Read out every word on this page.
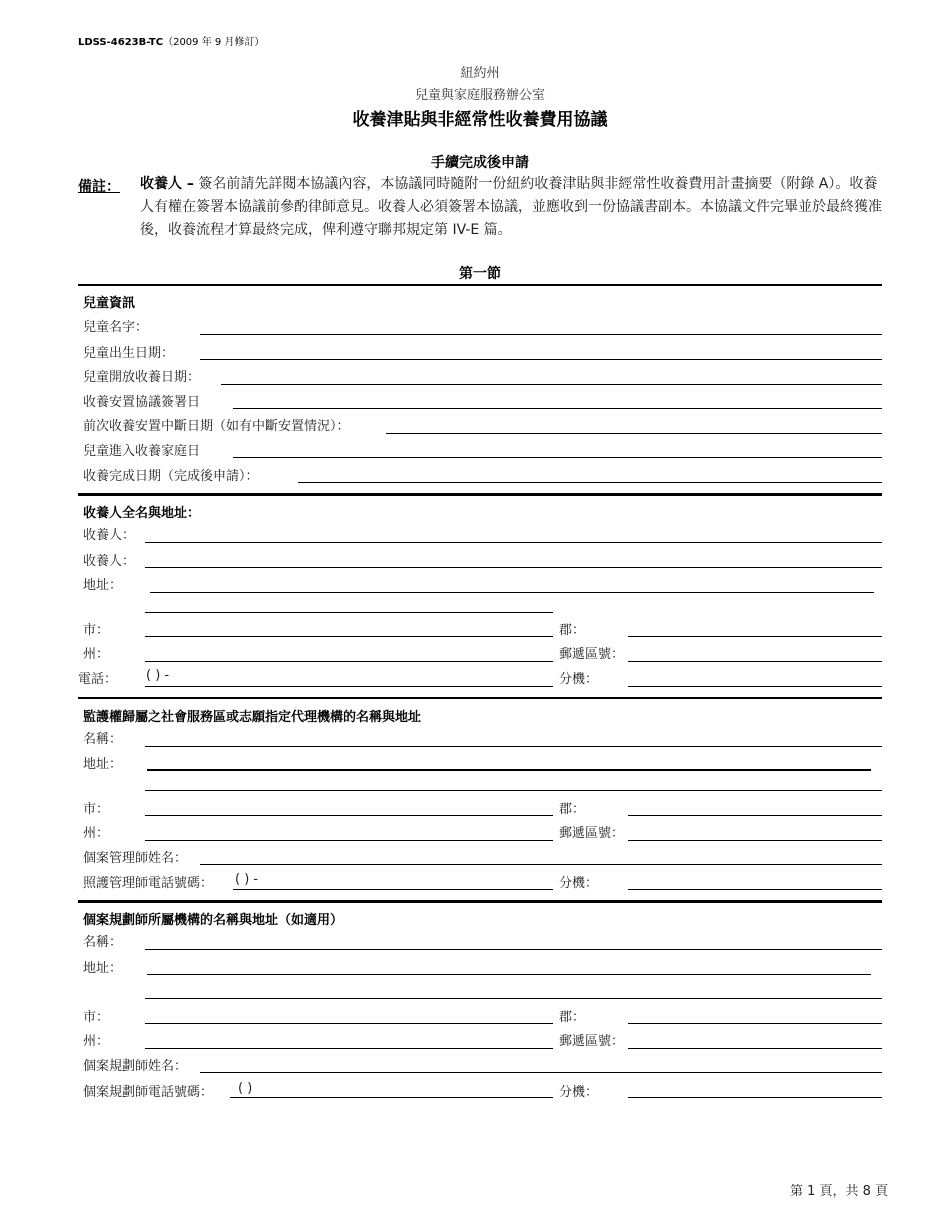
LDSS-4623B-TC（2009 年 9 月修訂）
紐約州
兒童與家庭服務辦公室
收養津貼與非經常性收養費用協議
手續完成後申請
備註： 收養人 – 簽名前請先詳閱本協議內容，本協議同時隨附一份紐約收養津貼與非經常性收養費用計畫摘要（附錄 A）。收養人有權在簽署本協議前參酌律師意見。收養人必須簽署本協議，並應收到一份協議書副本。本協議文件完畢並於最終獲准後，收養流程才算最終完成，俾利遵守聯邦規定第 IV-E 篇。
第一節
兒童資訊
兒童名字：
兒童出生日期：
兒童開放收養日期：
收養安置協議簽署日
前次收養安置中斷日期（如有中斷安置情況）：
兒童進入收養家庭日
收養完成日期（完成後申請）：
收養人全名與地址：
收養人：
收養人：
地址：
市：	郡：
州：	郵遞區號：
電話： ( ) -	分機：
監護權歸屬之社會服務區或志願指定代理機構的名稱與地址
名稱：
地址：
市：	郡：
州：	郵遞區號：
個案管理師姓名：
照護管理師電話號碼： ( ) -	分機：
個案規劃師所屬機構的名稱與地址（如適用）
名稱：
地址：
市：	郡：
州：	郵遞區號：
個案規劃師姓名：
個案規劃師電話號碼： ( )	分機：
第 1 頁，共 8 頁
